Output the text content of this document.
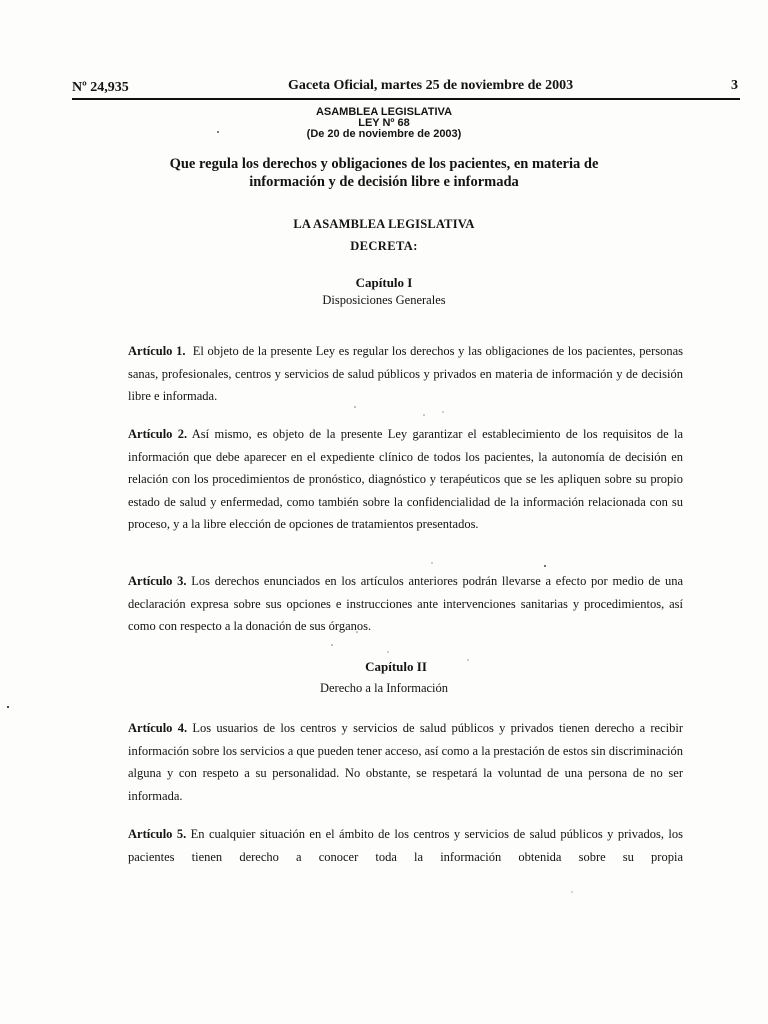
Nº 24,935	Gaceta Oficial, martes 25 de noviembre de 2003	3
ASAMBLEA LEGISLATIVA
LEY Nº 68
(De 20 de noviembre de 2003)
Que regula los derechos y obligaciones de los pacientes, en materia de
información y de decisión libre e informada
LA ASAMBLEA LEGISLATIVA
DECRETA:
Capítulo I
Disposiciones Generales

Artículo 1. El objeto de la presente Ley es regular los derechos y las obligaciones de los pacientes, personas sanas, profesionales, centros y servicios de salud públicos y privados en materia de información y de decisión libre e informada.

Artículo 2. Así mismo, es objeto de la presente Ley garantizar el establecimiento de los requisitos de la información que debe aparecer en el expediente clínico de todos los pacientes, la autonomía de decisión en relación con los procedimientos de pronóstico, diagnóstico y terapéuticos que se les apliquen sobre su propio estado de salud y enfermedad, como también sobre la confidencialidad de la información relacionada con su proceso, y a la libre elección de opciones de tratamientos presentados.

Artículo 3. Los derechos enunciados en los artículos anteriores podrán llevarse a efecto por medio de una declaración expresa sobre sus opciones e instrucciones ante intervenciones sanitarias y procedimientos, así como con respecto a la donación de sus órganos.

Capítulo II
Derecho a la Información

Artículo 4. Los usuarios de los centros y servicios de salud públicos y privados tienen derecho a recibir información sobre los servicios a que pueden tener acceso, así como a la prestación de estos sin discriminación alguna y con respeto a su personalidad. No obstante, se respetará la voluntad de una persona de no ser informada.

Artículo 5. En cualquier situación en el ámbito de los centros y servicios de salud públicos y privados, los pacientes tienen derecho a conocer toda la información obtenida sobre su propia
